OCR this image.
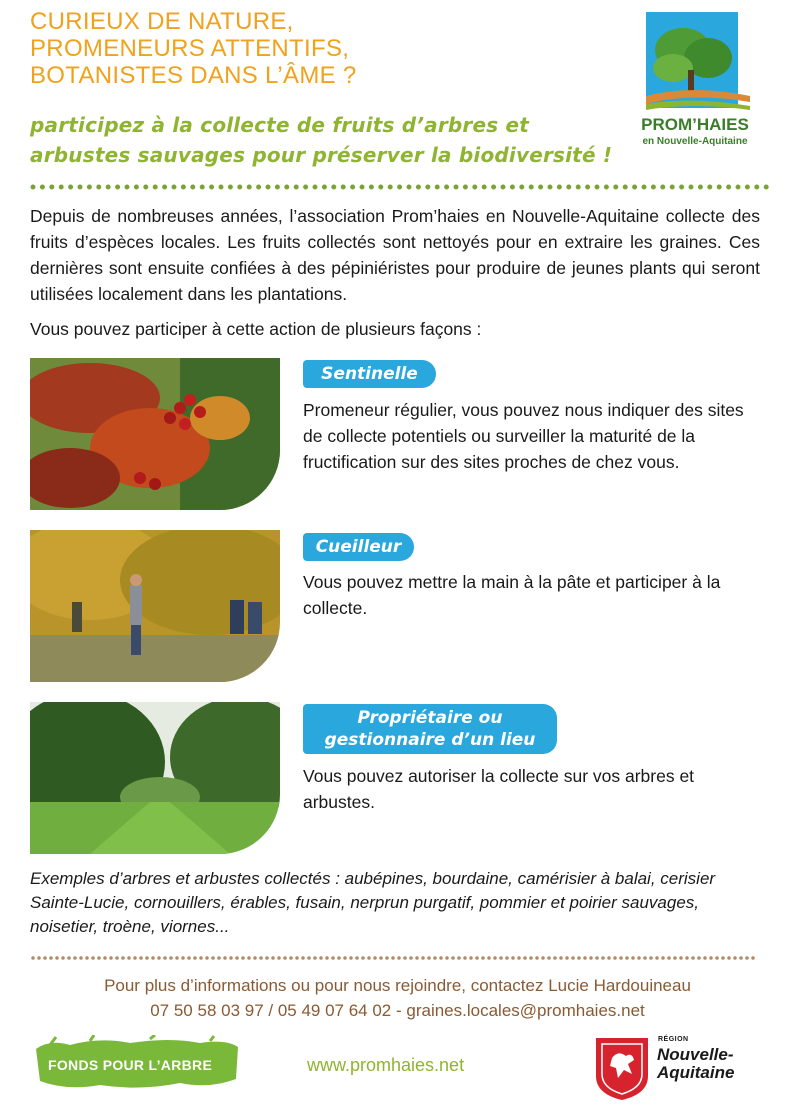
CURIEUX DE NATURE,
PROMENEURS ATTENTIFS,
BOTANISTES DANS L’ÂME ?
participez à la collecte de fruits d’arbres et
arbustes sauvages pour préserver la biodiversité !
PROM’HAIES
en Nouvelle-Aquitaine
Depuis de nombreuses années, l’association Prom’haies en Nouvelle-Aquitaine collecte des fruits d’espèces locales. Les fruits collectés sont nettoyés pour en extraire les graines. Ces dernières sont ensuite confiées à des pépiniéristes pour produire de jeunes plants qui seront utilisées localement dans les plantations.
Vous pouvez participer à cette action de plusieurs façons :
Sentinelle
Promeneur régulier, vous pouvez nous indiquer des sites de collecte potentiels ou surveiller la maturité de la fructification sur des sites proches de chez vous.
Cueilleur
Vous pouvez mettre la main à la pâte et participer à la collecte.
Propriétaire ou
gestionnaire d’un lieu
Vous pouvez autoriser la collecte sur vos arbres et arbustes.
Exemples d’arbres et arbustes collectés : aubépines, bourdaine, camérisier à balai, cerisier Sainte-Lucie, cornouillers, érables, fusain, nerprun purgatif, pommier et poirier sauvages, noisetier, troène, viornes...
Pour plus d’informations ou pour nous rejoindre, contactez Lucie Hardouineau
07 50 58 03 97 / 05 49 07 64 02 - graines.locales@promhaies.net
FONDS POUR L’ARBRE	www.promhaies.net
RÉGION
Nouvelle-
Aquitaine
